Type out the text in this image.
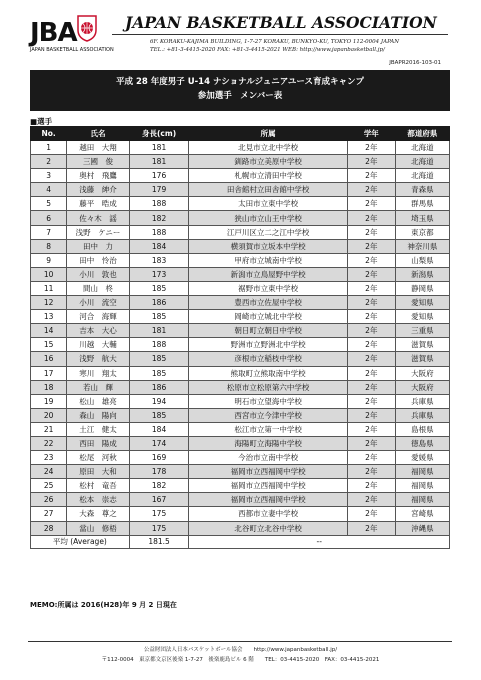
JBA
JAPAN BASKETBALL ASSOCIATION
JAPAN BASKETBALL ASSOCIATION
6F. KORAKU-KAJIMA BUILDING, 1-7-27 KORAKU, BUNKYO-KU, TOKYO 112-0004 JAPAN
TEL.: +81-3-4415-2020 FAX: +81-3-4415-2021 WEB: http://www.japanbasketball.jp/
JBAPR2016-103-01
平成 28 年度男子 U-14 ナショナルジュニアユース育成キャンプ
参加選手　メンバー表
■選手
No.	氏名	身長(cm)	所属	学年	都道府県
1	越田　大翔	181	北見市立北中学校	2年	北海道
2	三國　俊	181	釧路市立美原中学校	2年	北海道
3	奥村　飛鷹	176	札幌市立清田中学校	2年	北海道
4	浅藤　紳介	179	田舎館村立田舎館中学校	2年	青森県
5	藤平　晧成	188	太田市立東中学校	2年	群馬県
6	佐々木　謡	182	狭山市立山王中学校	2年	埼玉県
7	浅野　ケニー	188	江戸川区立二之江中学校	2年	東京都
8	田中　力	184	横須賀市立坂本中学校	2年	神奈川県
9	田中　怜治	183	甲府市立城南中学校	2年	山梨県
10	小川　敦也	173	新潟市立鳥屋野中学校	2年	新潟県
11	間山　柊	185	裾野市立東中学校	2年	静岡県
12	小川　流空	186	豊西市立佐屋中学校	2年	愛知県
13	河合　海輝	185	岡崎市立城北中学校	2年	愛知県
14	吉本　大心	181	朝日町立朝日中学校	2年	三重県
15	川越　大輔	188	野洲市立野洲北中学校	2年	滋賀県
16	浅野　航大	185	彦根市立稲枝中学校	2年	滋賀県
17	寒川　翔太	185	熊取町立熊取南中学校	2年	大阪府
18	若山　輝	186	松原市立松原第六中学校	2年	大阪府
19	松山　雄亮	194	明石市立望海中学校	2年	兵庫県
20	森山　陽向	185	西宮市立今津中学校	2年	兵庫県
21	土江　健太	184	松江市立第一中学校	2年	島根県
22	西田　陽成	174	海陽町立海陽中学校	2年	徳島県
23	松尾　河秋	169	今治市立南中学校	2年	愛媛県
24	原田　大和	178	福岡市立西福岡中学校	2年	福岡県
25	松村　竜吾	182	福岡市立西福岡中学校	2年	福岡県
26	松本　崇志	167	福岡市立西福岡中学校	2年	福岡県
27	大森　尊之	175	西都市立妻中学校	2年	宮崎県
28	當山　修梧	175	北谷町立北谷中学校	2年	沖縄県
平均 (Average)		181.5	‐‐		
MEMO:所属は 2016(H28)年 9 月 2 日現在
公益財団法人日本バスケットボール協会　　http://www.japanbasketball.jp/
〒112-0004　東京都文京区後楽 1-7-27　後楽鹿島ビル 6 階　　TEL：03-4415-2020　FAX：03-4415-2021
